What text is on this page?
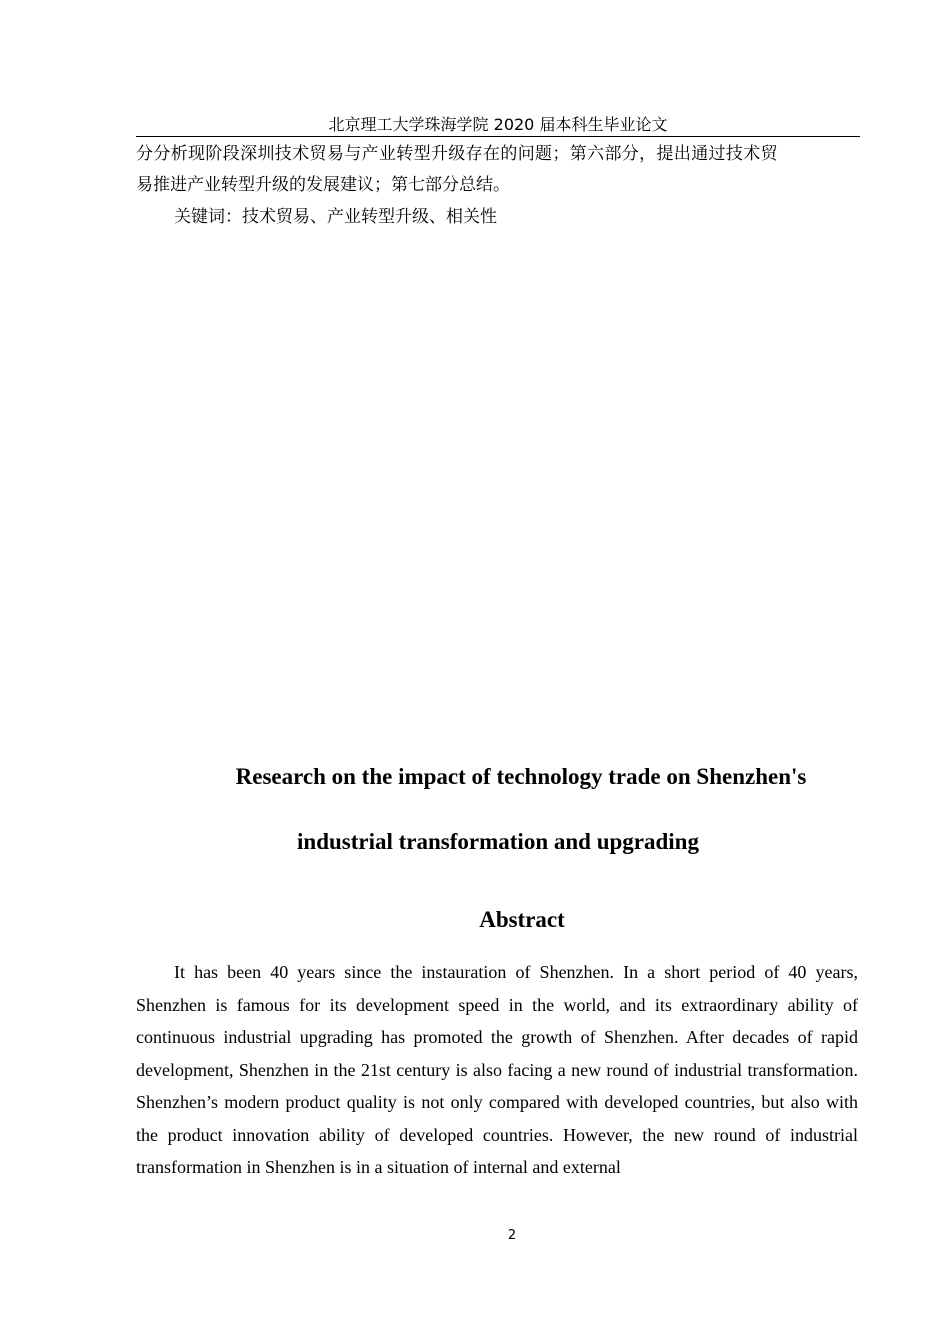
北京理工大学珠海学院 2020 届本科生毕业论文
分分析现阶段深圳技术贸易与产业转型升级存在的问题；第六部分，提出通过技术贸
易推进产业转型升级的发展建议；第七部分总结。
关键词：技术贸易、产业转型升级、相关性
Research on the impact of technology trade on Shenzhen's
industrial transformation and upgrading
Abstract

It has been 40 years since the instauration of Shenzhen. In a short period of 40 years, Shenzhen is famous for its development speed in the world, and its extraordinary ability of continuous industrial upgrading has promoted the growth of Shenzhen. After decades of rapid development, Shenzhen in the 21st century is also facing a new round of industrial transformation. Shenzhen’s modern product quality is not only compared with developed countries, but also with the product innovation ability of developed countries. However, the new round of industrial transformation in Shenzhen is in a situation of internal and external

2
